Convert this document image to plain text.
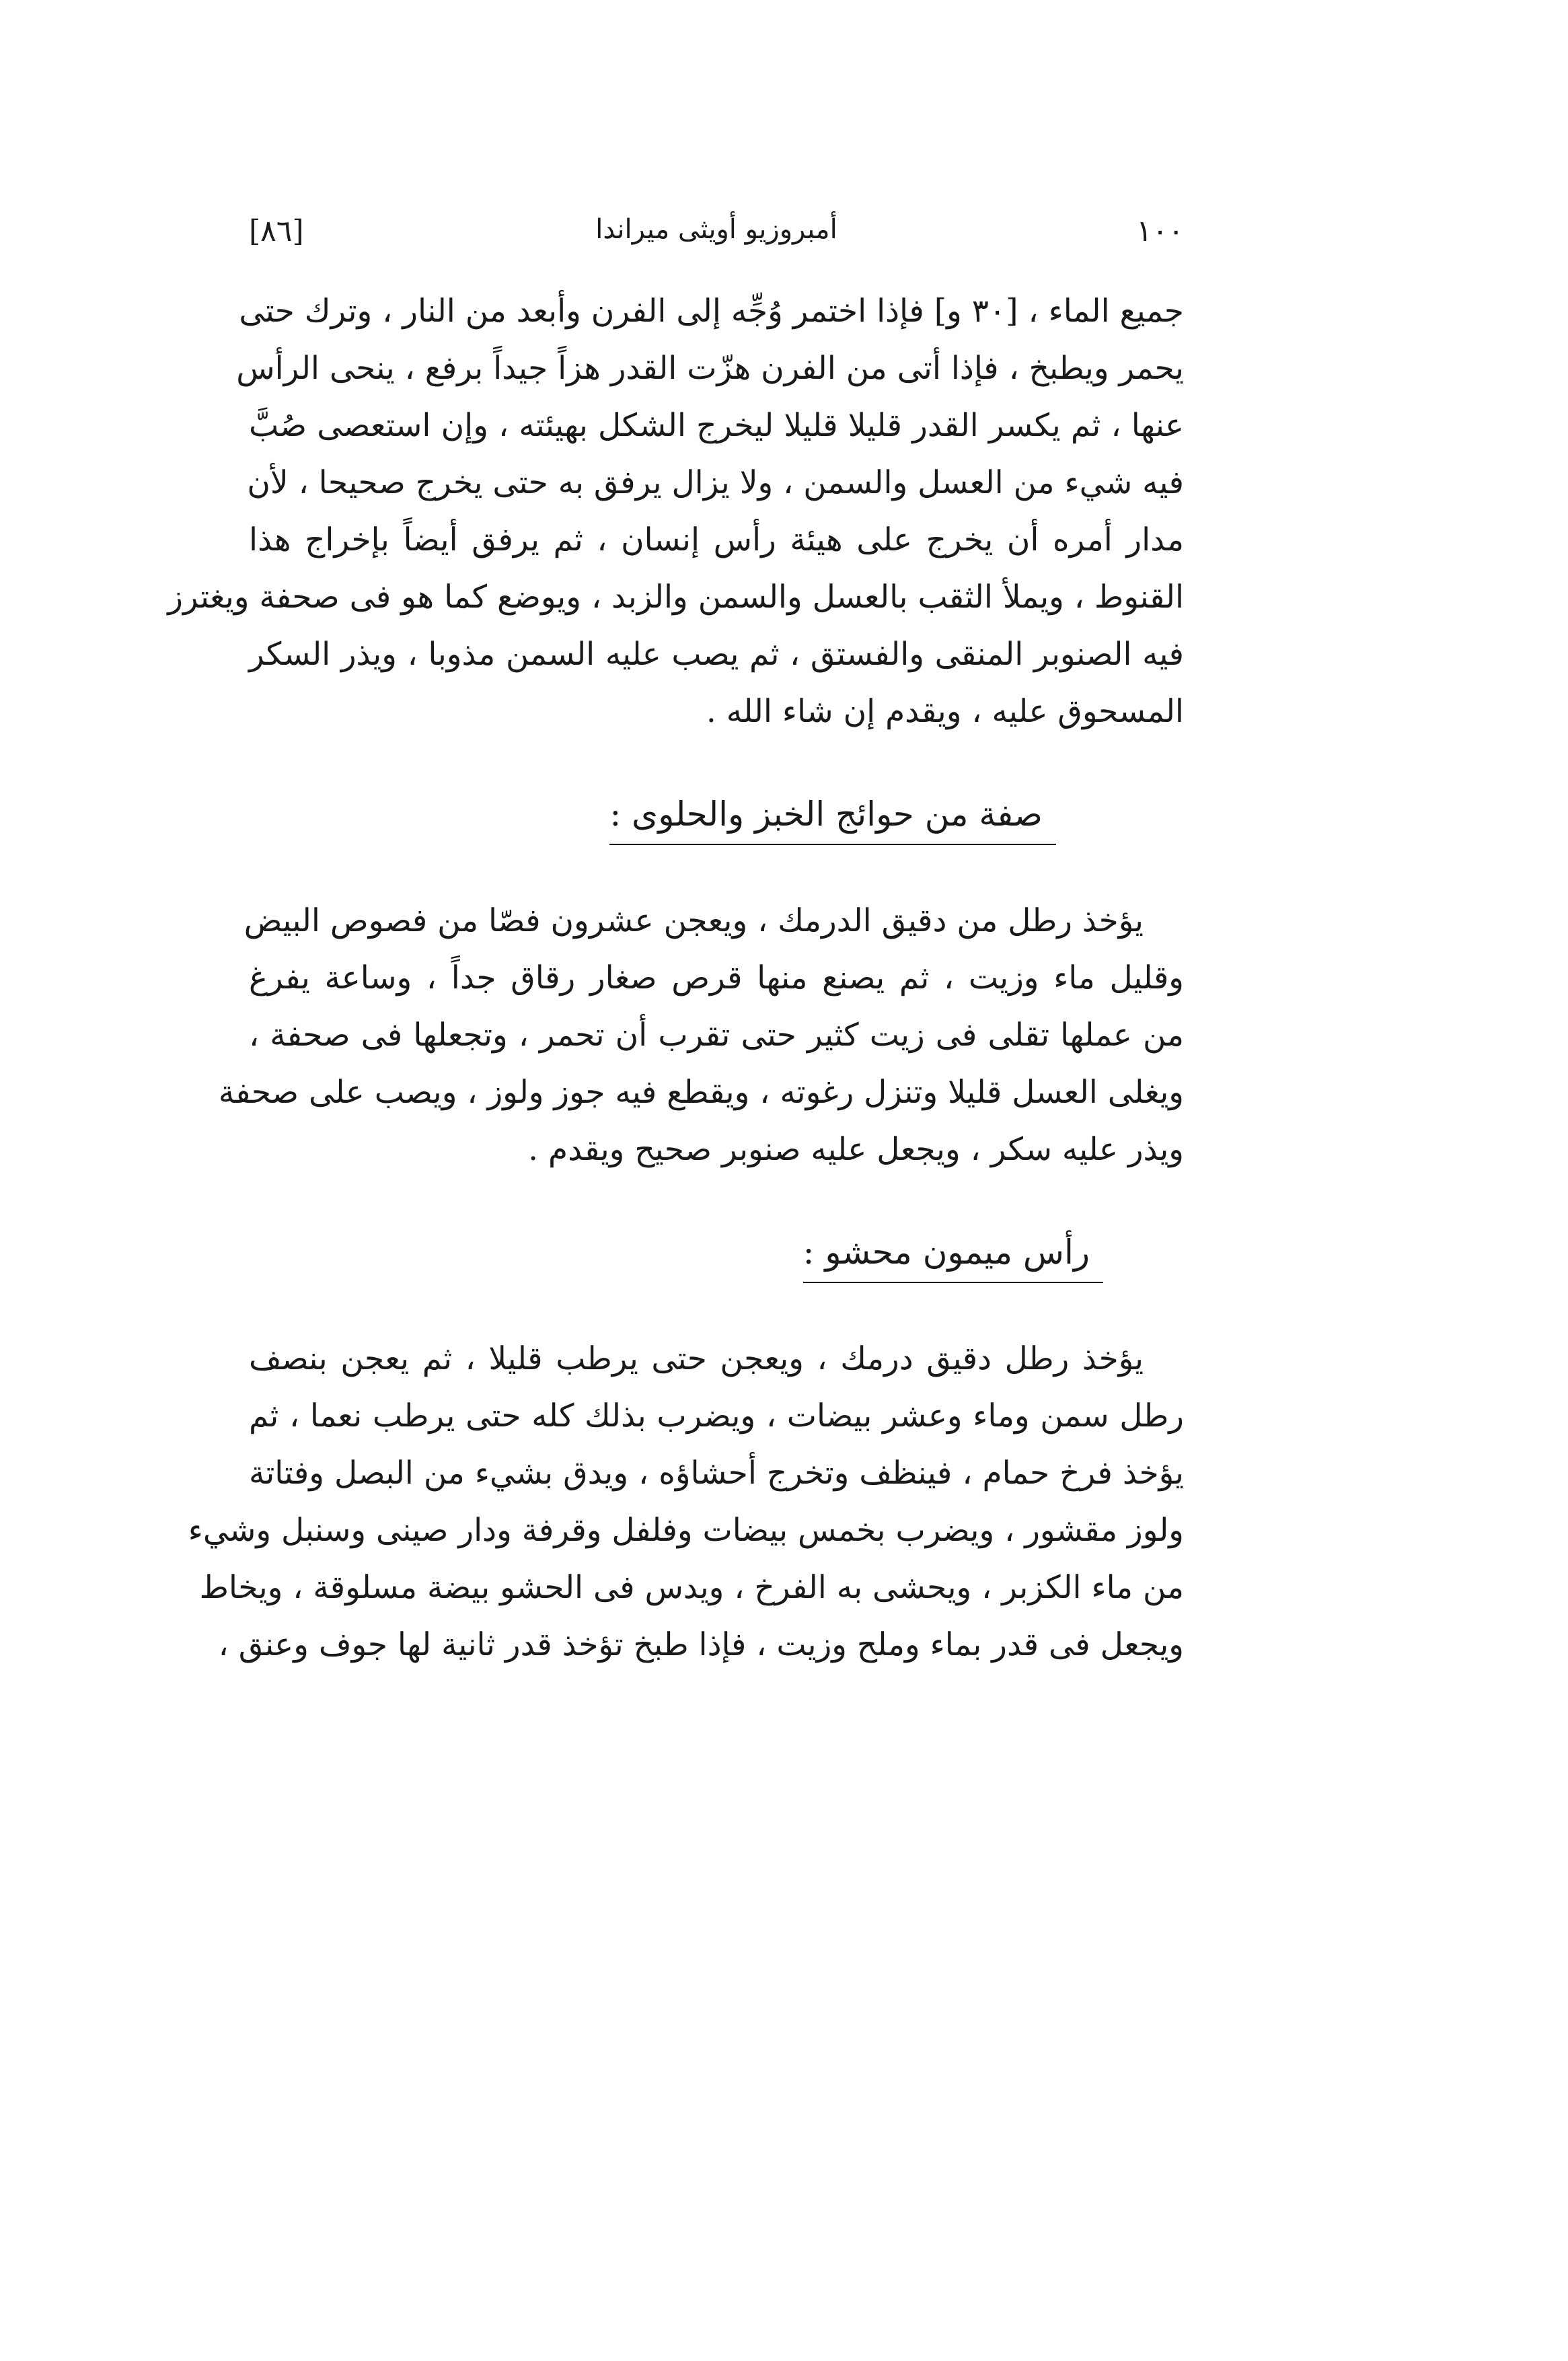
١٠٠
أمبروزيو أويثى ميراندا
[٨٦]

جميع الماء ، [٣٠ و] فإذا اختمر وُجِّه إلى الفرن وأبعد من النار ، وترك حتى
يحمر ويطبخ ، فإذا أتى من الفرن هزّت القدر هزاً جيداً برفع ، ينحى الرأس
عنها ، ثم يكسر القدر قليلا قليلا ليخرج الشكل بهيئته ، وإن استعصى صُبَّ
فيه شيء من العسل والسمن ، ولا يزال يرفق به حتى يخرج صحيحا ، لأن
مدار أمره أن يخرج على هيئة رأس إنسان ، ثم يرفق أيضاً بإخراج هذا
القنوط ، ويملأ الثقب بالعسل والسمن والزبد ، ويوضع كما هو فى صحفة ويغترز
فيه الصنوبر المنقى والفستق ، ثم يصب عليه السمن مذوبا ، ويذر السكر
المسحوق عليه ، ويقدم إن شاء الله .

صفة من حوائج الخبز والحلوى :

يؤخذ رطل من دقيق الدرمك ، ويعجن عشرون فصّا من فصوص البيض
وقليل ماء وزيت ، ثم يصنع منها قرص صغار رقاق جداً ، وساعة يفرغ
من عملها تقلى فى زيت كثير حتى تقرب أن تحمر ، وتجعلها فى صحفة ،
ويغلى العسل قليلا وتنزل رغوته ، ويقطع فيه جوز ولوز ، ويصب على صحفة
ويذر عليه سكر ، ويجعل عليه صنوبر صحيح ويقدم .

رأس ميمون محشو :

يؤخذ رطل دقيق درمك ، ويعجن حتى يرطب قليلا ، ثم يعجن بنصف
رطل سمن وماء وعشر بيضات ، ويضرب بذلك كله حتى يرطب نعما ، ثم
يؤخذ فرخ حمام ، فينظف وتخرج أحشاؤه ، ويدق بشيء من البصل وفتاتة
ولوز مقشور ، ويضرب بخمس بيضات وفلفل وقرفة ودار صينى وسنبل وشيء
من ماء الكزبر ، ويحشى به الفرخ ، ويدس فى الحشو بيضة مسلوقة ، ويخاط
ويجعل فى قدر بماء وملح وزيت ، فإذا طبخ تؤخذ قدر ثانية لها جوف وعنق ،
